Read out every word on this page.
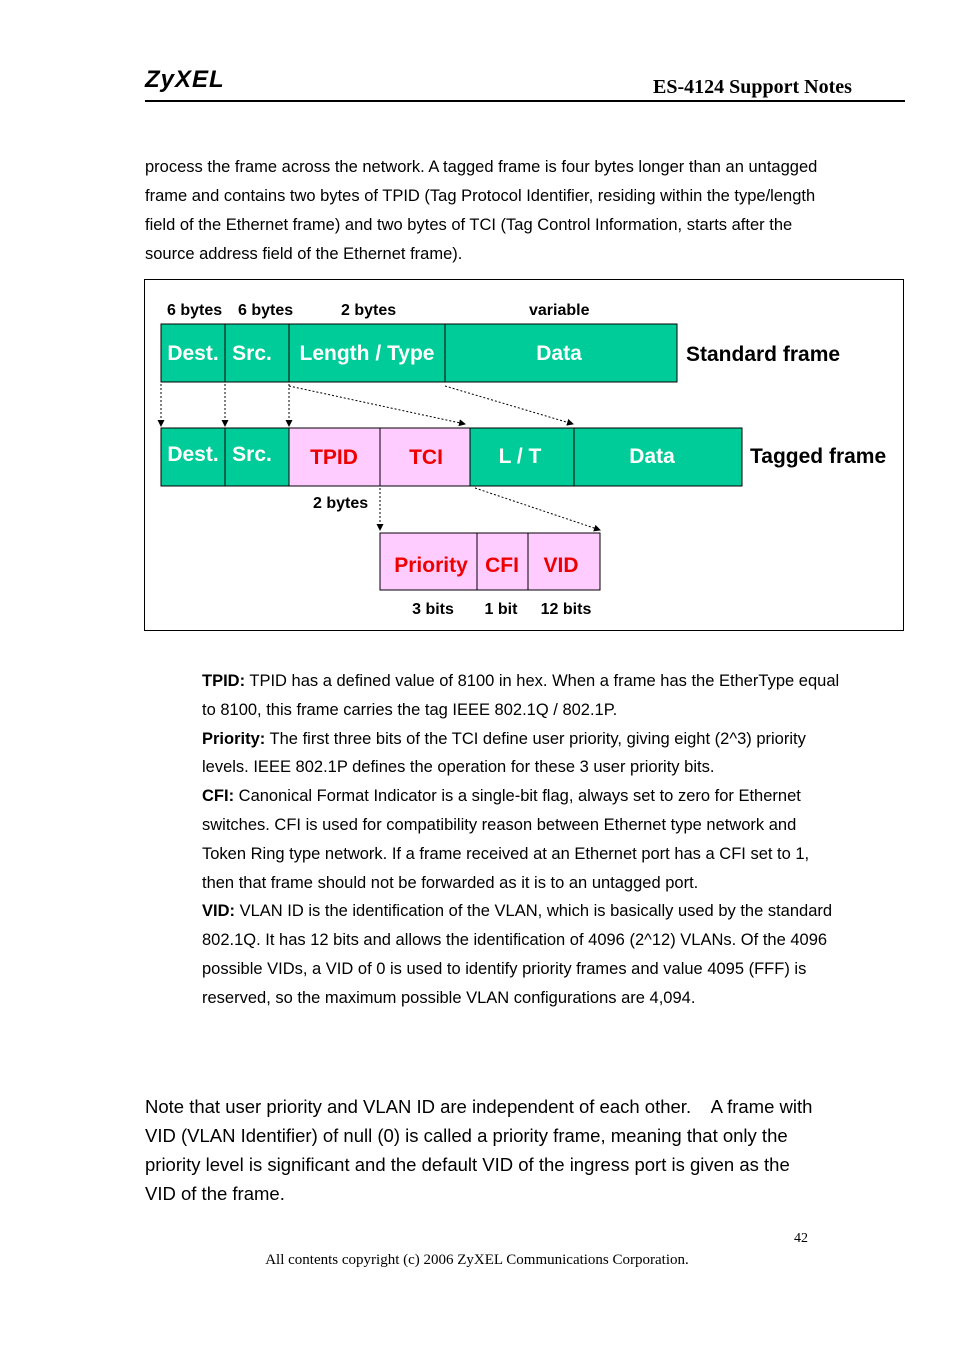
ZyXEL	ES-4124 Support Notes
process the frame across the network. A tagged frame is four bytes longer than an untagged frame and contains two bytes of TPID (Tag Protocol Identifier, residing within the type/length field of the Ethernet frame) and two bytes of TCI (Tag Control Information, starts after the source address field of the Ethernet frame).
6 bytes 6 bytes	2 bytes	variable
Dest. Src. Length / Type	Data	Standard frame
Dest. Src. TPID TCI	L / T	Data	Tagged frame
2 bytes
Priority CFI VID
3 bits 1 bit 12 bits
TPID: TPID has a defined value of 8100 in hex. When a frame has the EtherType equal to 8100, this frame carries the tag IEEE 802.1Q / 802.1P.
Priority: The first three bits of the TCI define user priority, giving eight (2^3) priority levels. IEEE 802.1P defines the operation for these 3 user priority bits.
CFI: Canonical Format Indicator is a single-bit flag, always set to zero for Ethernet switches. CFI is used for compatibility reason between Ethernet type network and Token Ring type network. If a frame received at an Ethernet port has a CFI set to 1, then that frame should not be forwarded as it is to an untagged port.
VID: VLAN ID is the identification of the VLAN, which is basically used by the standard 802.1Q. It has 12 bits and allows the identification of 4096 (2^12) VLANs. Of the 4096 possible VIDs, a VID of 0 is used to identify priority frames and value 4095 (FFF) is reserved, so the maximum possible VLAN configurations are 4,094.
Note that user priority and VLAN ID are independent of each other.    A frame with VID (VLAN Identifier) of null (0) is called a priority frame, meaning that only the priority level is significant and the default VID of the ingress port is given as the VID of the frame.
42
All contents copyright (c) 2006 ZyXEL Communications Corporation.
